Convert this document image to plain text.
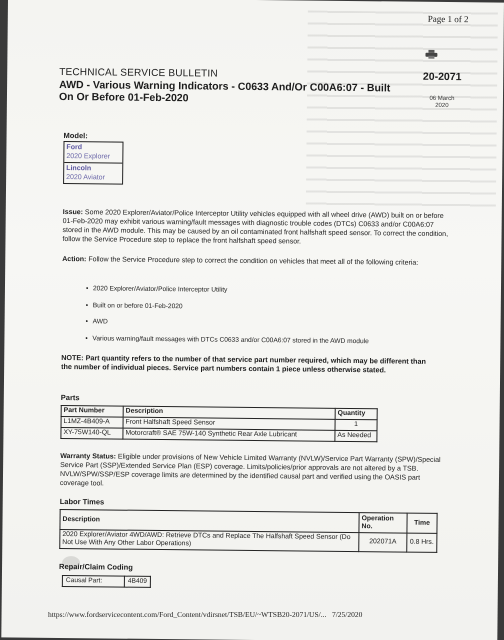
Page 1 of 2
TECHNICAL SERVICE BULLETIN
AWD - Various Warning Indicators - C0633 And/Or C00A6:07 - Built On Or Before 01-Feb-2020
20-2071
06 March
2020
Model:
Ford
2020 Explorer
Lincoln
2020 Aviator
Issue: Some 2020 Explorer/Aviator/Police Interceptor Utility vehicles equipped with all wheel drive (AWD) built on or before 01-Feb-2020 may exhibit various warning/fault messages with diagnostic trouble codes (DTCs) C0633 and/or C00A6:07 stored in the AWD module. This may be caused by an oil contaminated front halfshaft speed sensor. To correct the condition, follow the Service Procedure step to replace the front halfshaft speed sensor.
Action: Follow the Service Procedure step to correct the condition on vehicles that meet all of the following criteria:
• 2020 Explorer/Aviator/Police Interceptor Utility
• Built on or before 01-Feb-2020
• AWD
• Various warning/fault messages with DTCs C0633 and/or C00A6:07 stored in the AWD module
NOTE: Part quantity refers to the number of that service part number required, which may be different than the number of individual pieces. Service part numbers contain 1 piece unless otherwise stated.
Parts
Part Number	Description	Quantity
L1MZ-4B409-A	Front Halfshaft Speed Sensor	1
XY-75W140-QL	Motorcraft® SAE 75W-140 Synthetic Rear Axle Lubricant	As Needed
Warranty Status: Eligible under provisions of New Vehicle Limited Warranty (NVLW)/Service Part Warranty (SPW)/Special Service Part (SSP)/Extended Service Plan (ESP) coverage. Limits/policies/prior approvals are not altered by a TSB. NVLW/SPW/SSP/ESP coverage limits are determined by the identified causal part and verified using the OASIS part coverage tool.
Labor Times
Description	Operation No.	Time
2020 Explorer/Aviator 4WD/AWD: Retrieve DTCs and Replace The Halfshaft Speed Sensor (Do Not Use With Any Other Labor Operations)	202071A	0.8 Hrs.
Repair/Claim Coding
Causal Part:	4B409
https://www.fordservicecontent.com/Ford_Content/vdirsnet/TSB/EU/~WTSB20-2071/US/... 7/25/2020
